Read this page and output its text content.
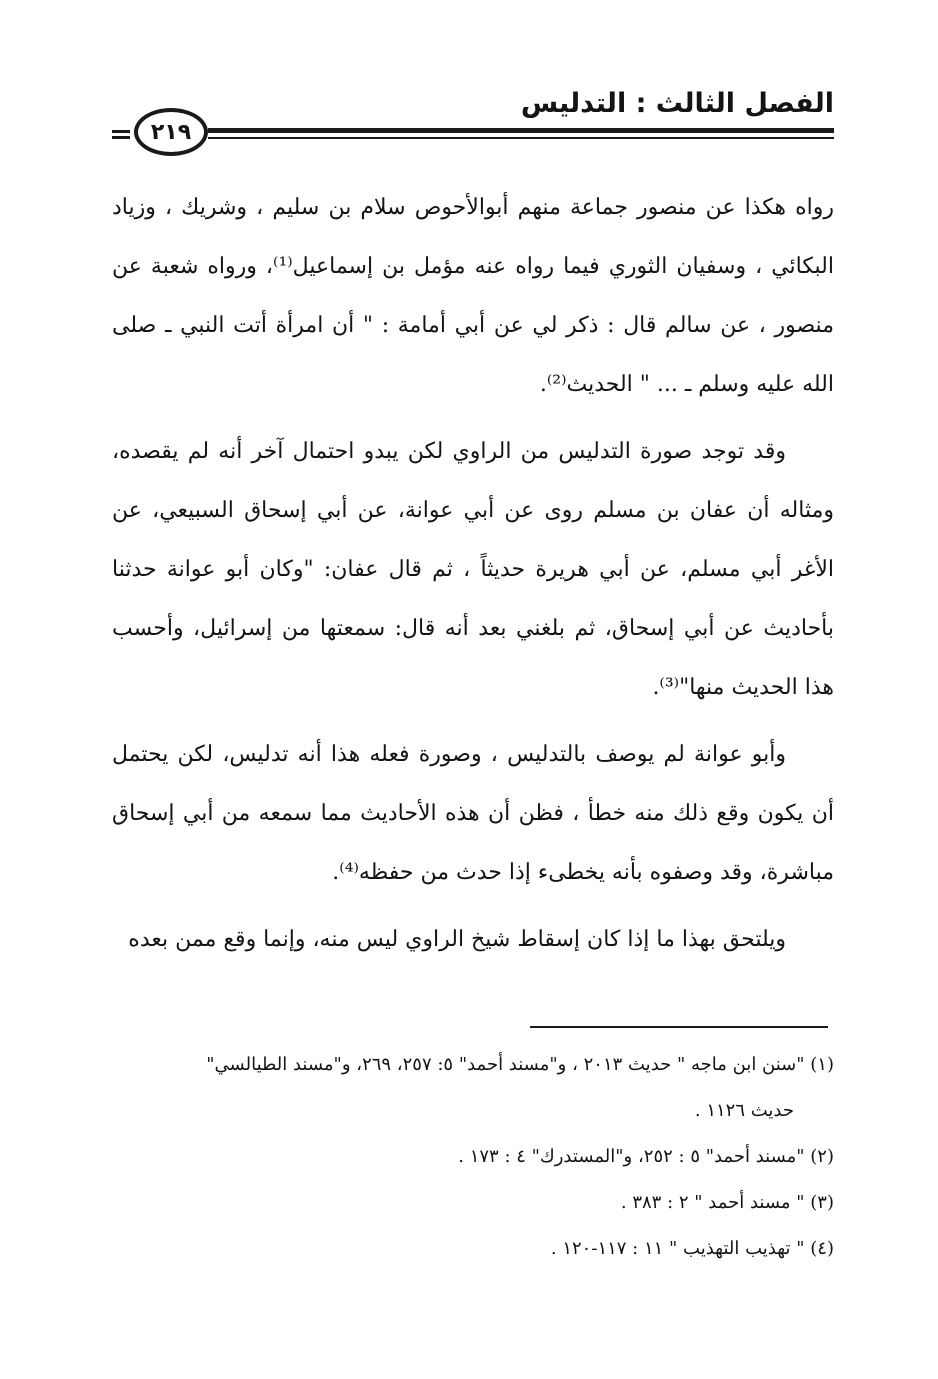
الفصل الثالث : التدليس
٢١٩

رواه هكذا عن منصور جماعة منهم أبوالأحوص سلام بن سليم ، وشريك ، وزياد البكائي ، وسفيان الثوري فيما رواه عنه مؤمل بن إسماعيل⁽¹⁾، ورواه شعبة عن منصور ، عن سالم قال : ذكر لي عن أبي أمامة : " أن امرأة أتت النبي ـ صلى الله عليه وسلم ـ ... " الحديث⁽²⁾.

وقد توجد صورة التدليس من الراوي لكن يبدو احتمال آخر أنه لم يقصده، ومثاله أن عفان بن مسلم روى عن أبي عوانة، عن أبي إسحاق السبيعي، عن الأغر أبي مسلم، عن أبي هريرة حديثاً ، ثم قال عفان: "وكان أبو عوانة حدثنا بأحاديث عن أبي إسحاق، ثم بلغني بعد أنه قال: سمعتها من إسرائيل، وأحسب هذا الحديث منها"⁽³⁾.

وأبو عوانة لم يوصف بالتدليس ، وصورة فعله هذا أنه تدليس، لكن يحتمل أن يكون وقع ذلك منه خطأ ، فظن أن هذه الأحاديث مما سمعه من أبي إسحاق مباشرة، وقد وصفوه بأنه يخطىء إذا حدث من حفظه⁽⁴⁾.

ويلتحق بهذا ما إذا كان إسقاط شيخ الراوي ليس منه، وإنما وقع ممن بعده

(١) "سنن ابن ماجه " حديث ٢٠١٣ ، و"مسند أحمد" ٥: ٢٥٧، ٢٦٩، و"مسند الطيالسي"

حديث ١١٢٦ .

(٢) "مسند أحمد" ٥ : ٢٥٢، و"المستدرك" ٤ : ١٧٣ .

(٣) " مسند أحمد " ٢ : ٣٨٣ .

(٤) " تهذيب التهذيب " ١١ : ١١٧-١٢٠ .
